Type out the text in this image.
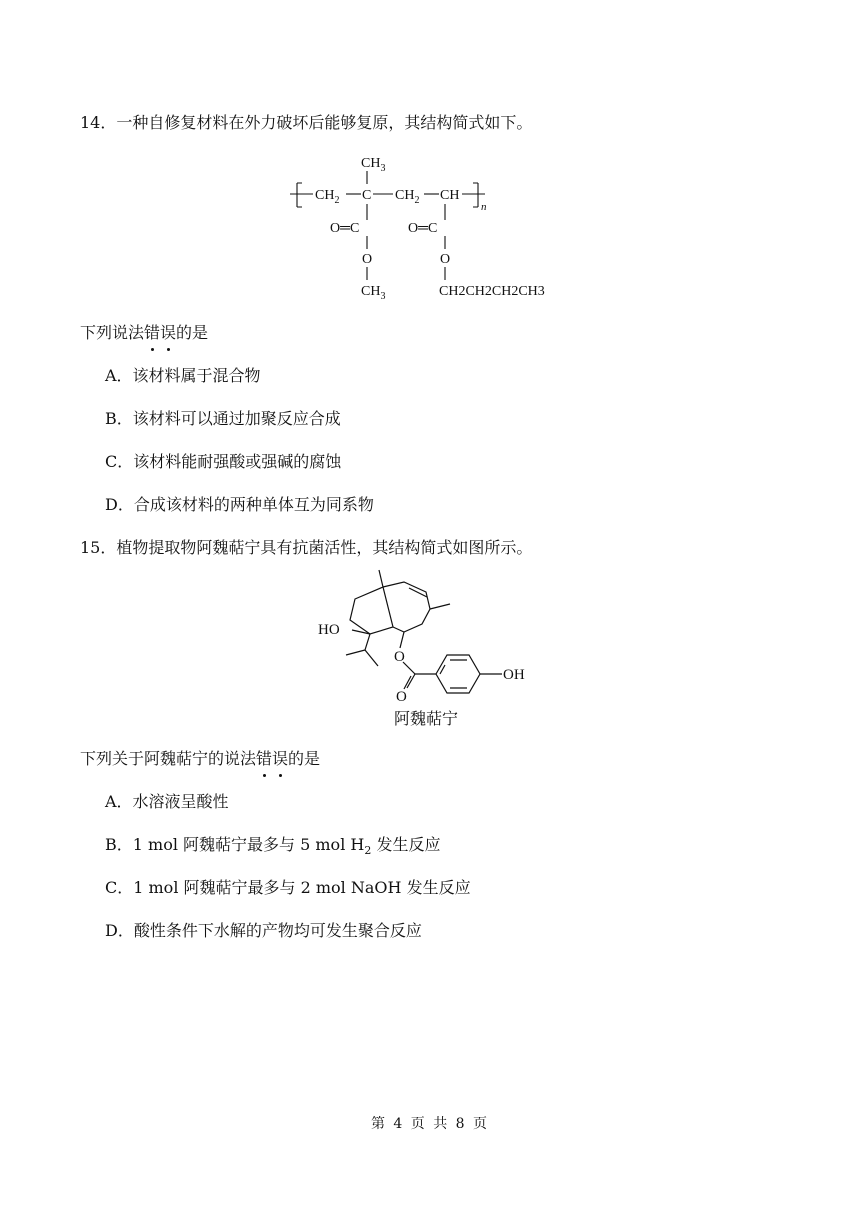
14．一种自修复材料在外力破坏后能够复原，其结构简式如下。
$CH_2$ C
$CH_3$
$CH_2$ CH
n
O═C
O
$CH_3$
O═C
O
CH2CH2CH2CH3
下列说法错误的是
A．该材料属于混合物
B．该材料可以通过加聚反应合成
C．该材料能耐强酸或强碱的腐蚀
D．合成该材料的两种单体互为同系物
15．植物提取物阿魏萜宁具有抗菌活性，其结构简式如图所示。
HO
O
O
OH
阿魏萜宁
下列关于阿魏萜宁的说法错误的是
A．水溶液呈酸性
B．1 mol 阿魏萜宁最多与 5 mol $H_2$ 发生反应
C．1 mol 阿魏萜宁最多与 2 mol NaOH 发生反应
D．酸性条件下水解的产物均可发生聚合反应
第 4 页 共 8 页
